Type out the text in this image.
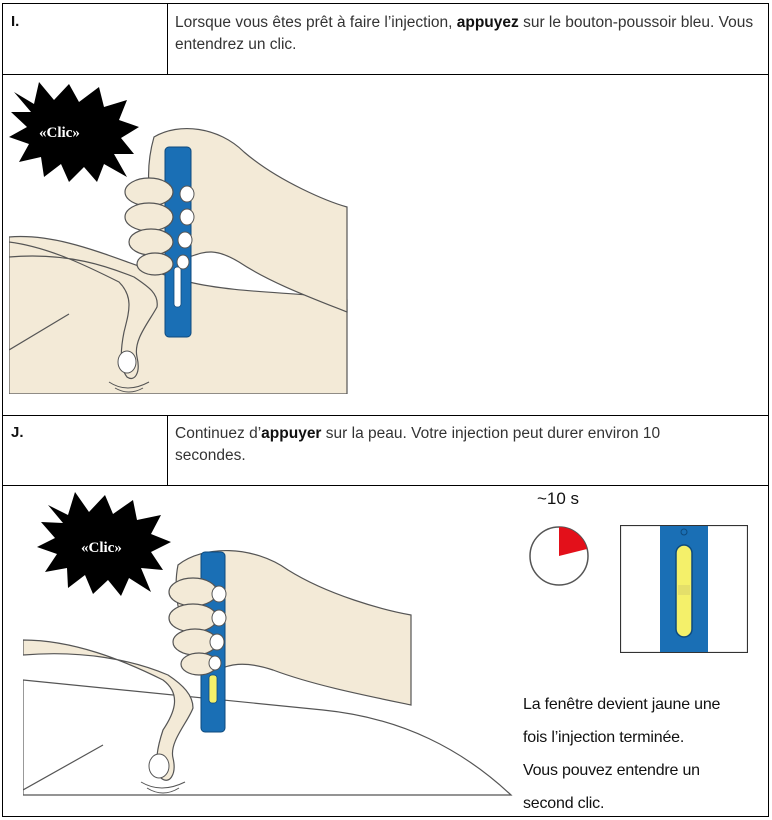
I.	Lorsque vous êtes prêt à faire l’injection, appuyez sur le bouton-poussoir bleu. Vous entendrez un clic.
«Clic»
J.	Continuez d’appuyer sur la peau. Votre injection peut durer environ 10 secondes.
«Clic»
~10 s
La fenêtre devient jaune une
fois l’injection terminée.
Vous pouvez entendre un
second clic.
